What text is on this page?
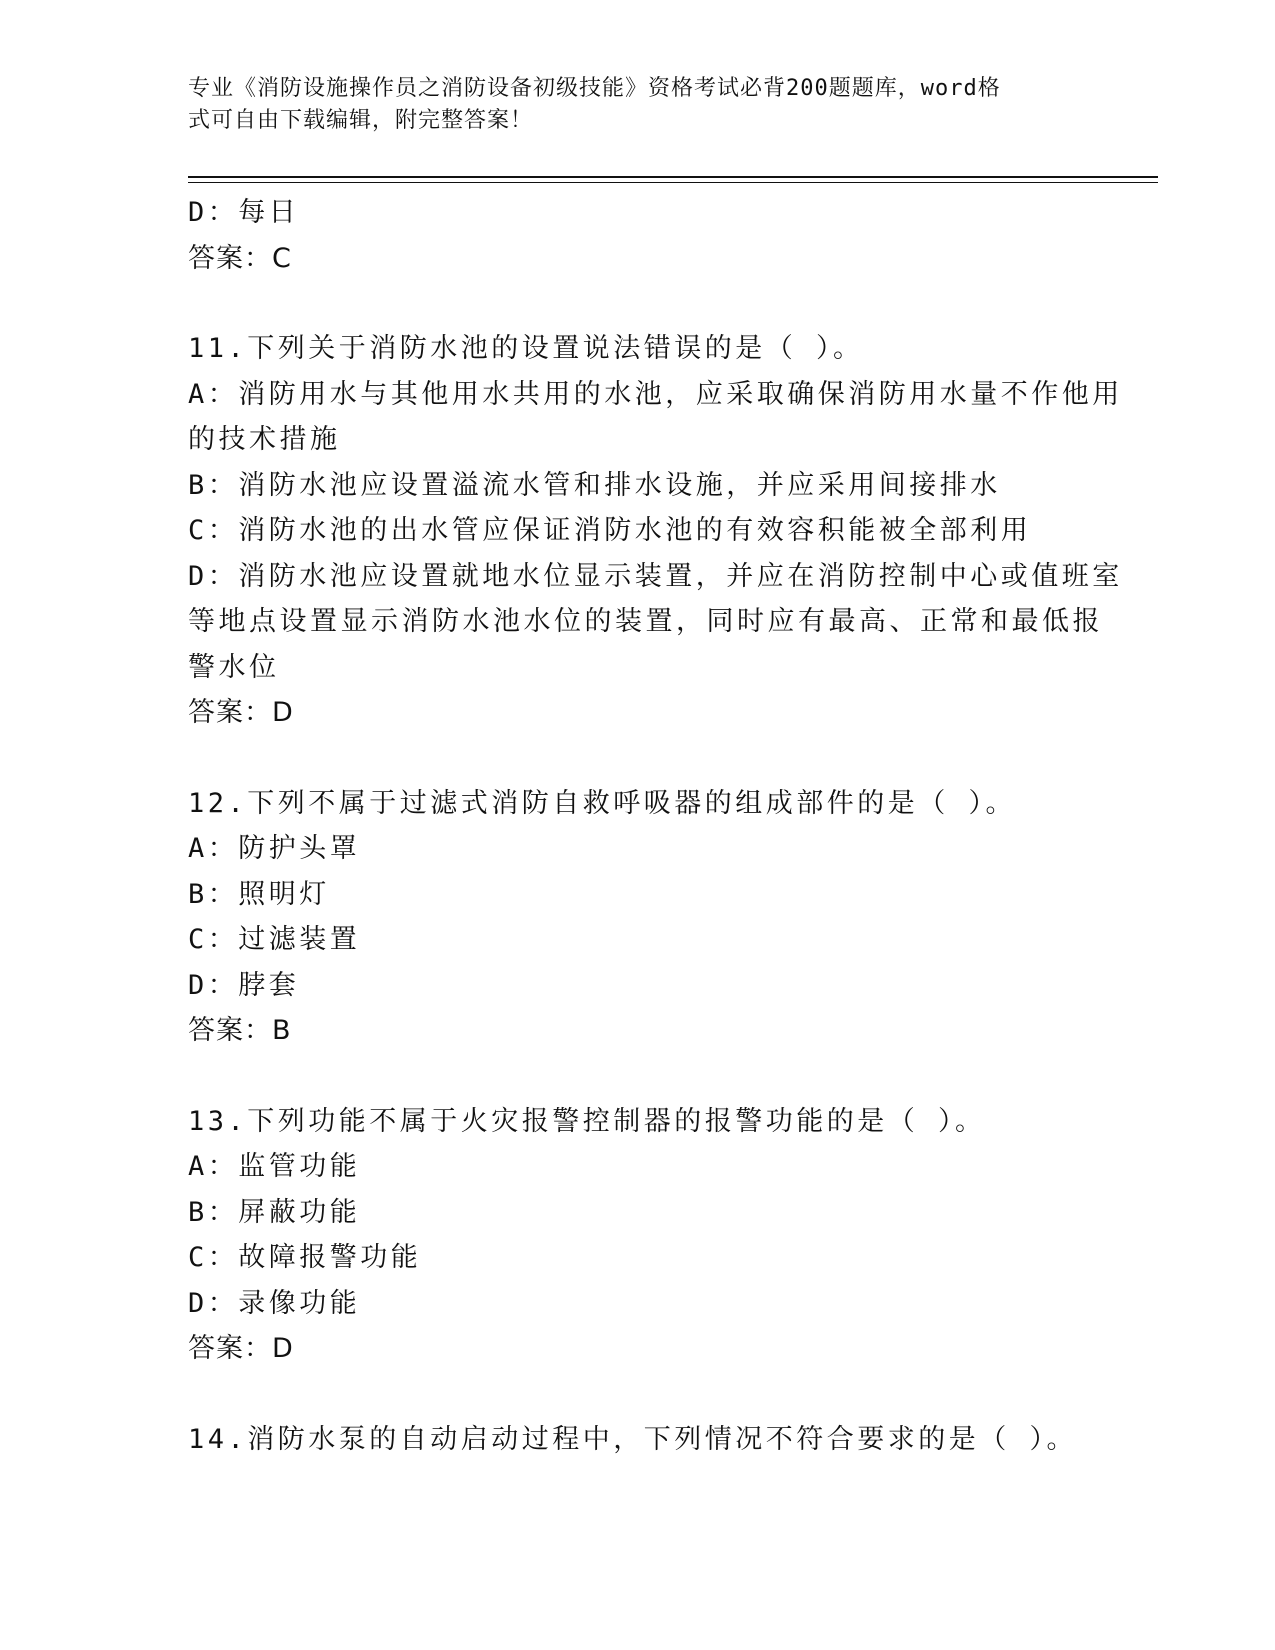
专业《消防设施操作员之消防设备初级技能》资格考试必背200题题库，word格
式可自由下载编辑，附完整答案！
D：每日
答案：C
11.下列关于消防水池的设置说法错误的是（ ）。
A：消防用水与其他用水共用的水池，应采取确保消防用水量不作他用
的技术措施
B：消防水池应设置溢流水管和排水设施，并应采用间接排水
C：消防水池的出水管应保证消防水池的有效容积能被全部利用
D：消防水池应设置就地水位显示装置，并应在消防控制中心或值班室
等地点设置显示消防水池水位的装置，同时应有最高、正常和最低报
警水位
答案：D
12.下列不属于过滤式消防自救呼吸器的组成部件的是（ ）。
A：防护头罩
B：照明灯
C：过滤装置
D：脖套
答案：B
13.下列功能不属于火灾报警控制器的报警功能的是（ ）。
A：监管功能
B：屏蔽功能
C：故障报警功能
D：录像功能
答案：D
14.消防水泵的自动启动过程中，下列情况不符合要求的是（ ）。
